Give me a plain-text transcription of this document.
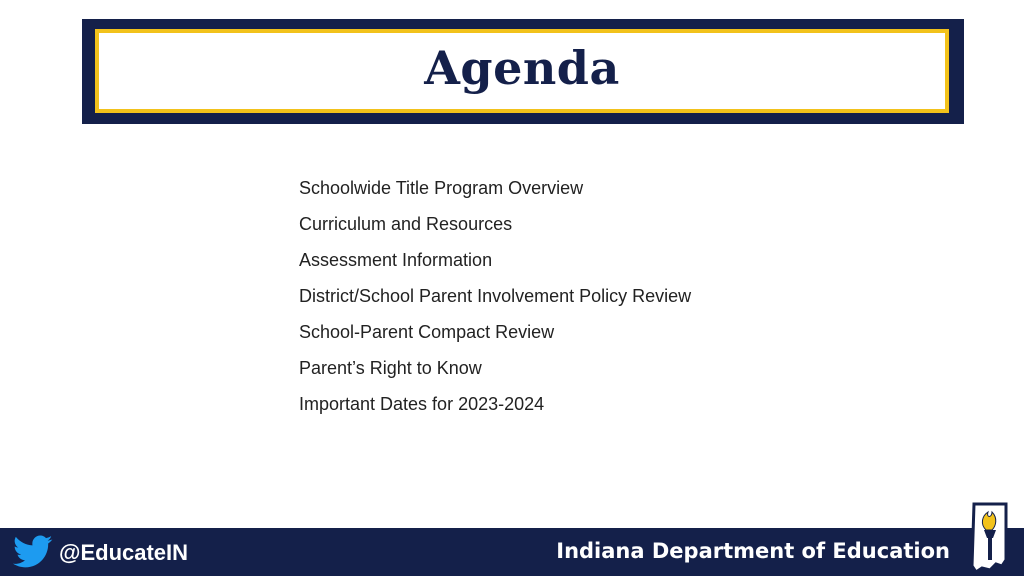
Agenda
Schoolwide Title Program Overview
Curriculum and Resources
Assessment Information
District/School Parent Involvement Policy Review
School-Parent Compact Review
Parent’s Right to Know
Important Dates for 2023-2024
@EducateIN	Indiana Department of Education
